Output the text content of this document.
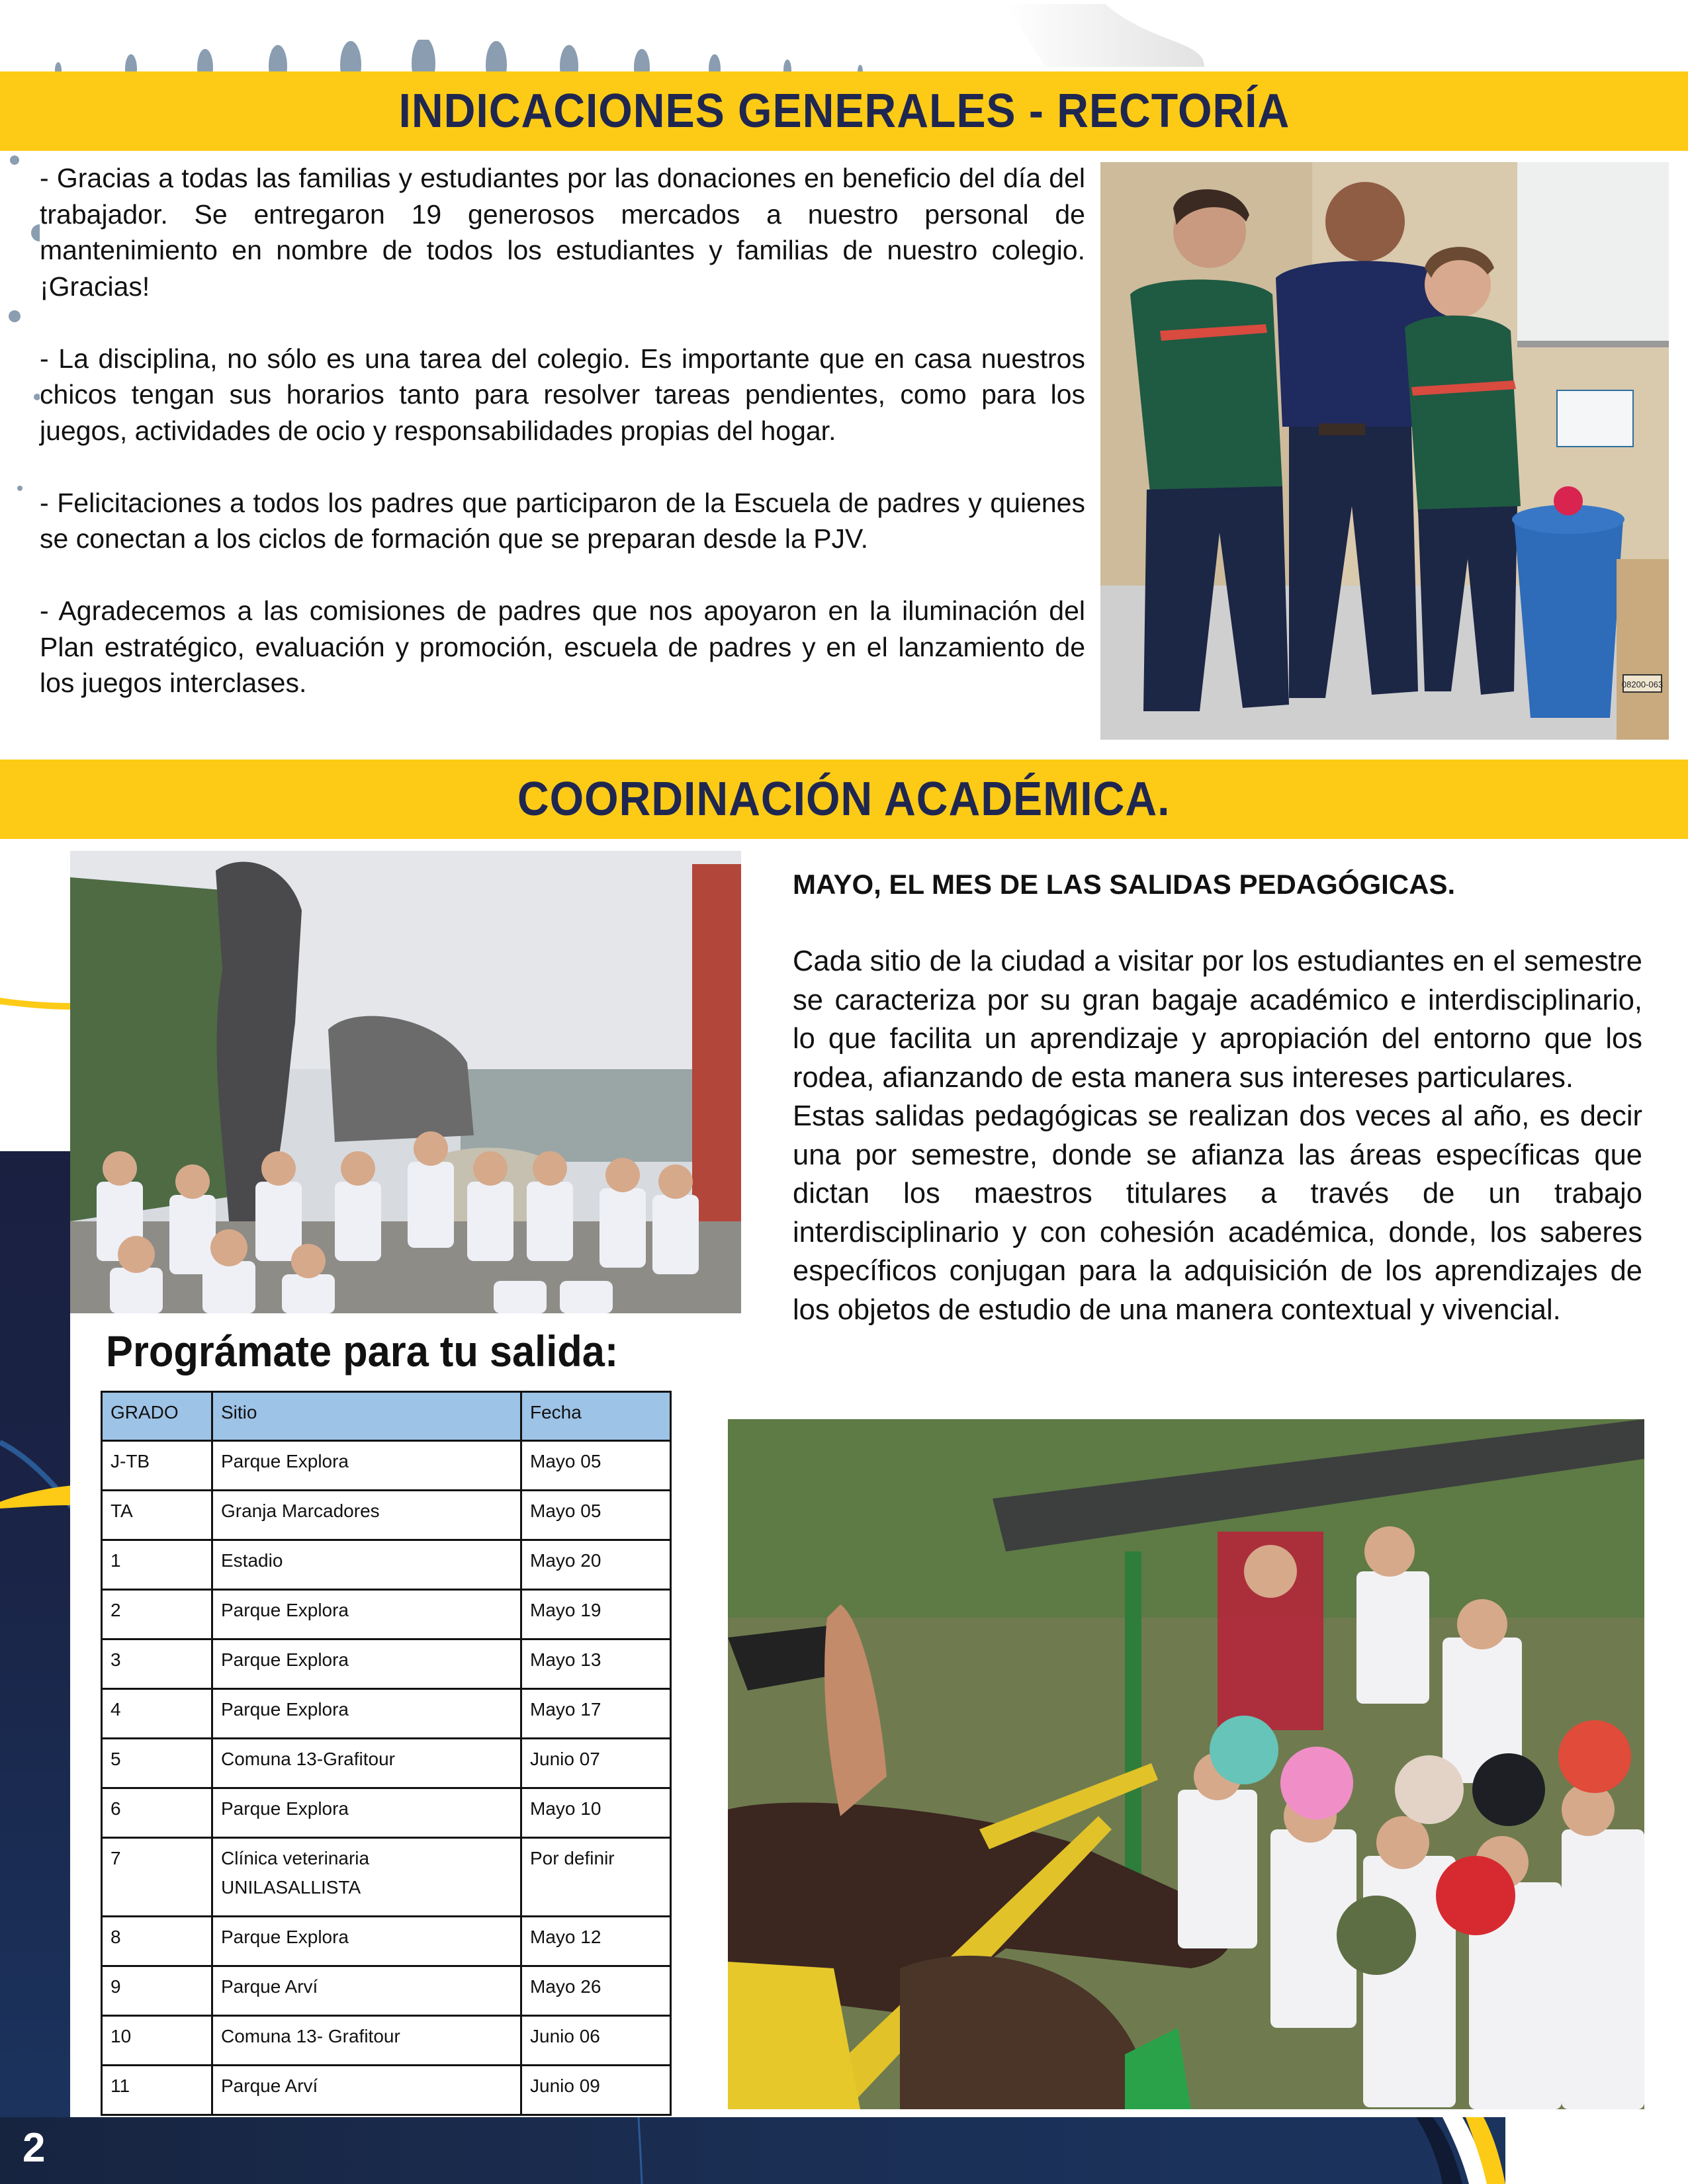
INDICACIONES GENERALES - RECTORÍA

- Gracias a todas las familias y estudiantes por las donaciones en beneficio del día del trabajador. Se entregaron 19 generosos mercados a nuestro personal de mantenimiento en nombre de todos los estudiantes y familias de nuestro colegio. ¡Gracias!

- La disciplina, no sólo es una tarea del colegio. Es importante que en casa nuestros chicos tengan sus horarios tanto para resolver tareas pendientes, como para los juegos, actividades de ocio y responsabilidades propias del hogar.

- Felicitaciones a todos los padres que participaron de la Escuela de padres y quienes se conectan a los ciclos de formación que se preparan desde la PJV.

- Agradecemos a las comisiones de padres que nos apoyaron en la iluminación del Plan estratégico, evaluación y promoción, escuela de padres y en el lanzamiento de los juegos interclases.	08200-063
COORDINACIÓN ACADÉMICA.
MAYO, EL MES DE LAS SALIDAS PEDAGÓGICAS.

Cada sitio de la ciudad a visitar por los estudiantes en el semestre se caracteriza por su gran bagaje académico e interdisciplinario, lo que facilita un aprendizaje y apropiación del entorno que los rodea, afianzando de esta manera sus intereses particulares.

Estas salidas pedagógicas se realizan dos veces al año, es decir una por semestre, donde se afianza las áreas específicas que dictan los maestros titulares a través de un trabajo interdisciplinario y con cohesión académica, donde, los saberes específicos conjugan para la adquisición de los aprendizajes de los objetos de estudio de una manera contextual y vivencial.

Prográmate para tu salida:
GRADO	Sitio	Fecha
J-TB	Parque Explora	Mayo 05
TA	Granja Marcadores	Mayo 05
1	Estadio	Mayo 20
2	Parque Explora	Mayo 19
3	Parque Explora	Mayo 13
4	Parque Explora	Mayo 17
5	Comuna 13-Grafitour	Junio 07
6	Parque Explora	Mayo 10
7	Clínica veterinaria UNILASALLISTA	Por definir
8	Parque Explora	Mayo 12
9	Parque Arví	Mayo 26
10	Comuna 13- Grafitour	Junio 06
11	Parque Arví	Junio 09
2
